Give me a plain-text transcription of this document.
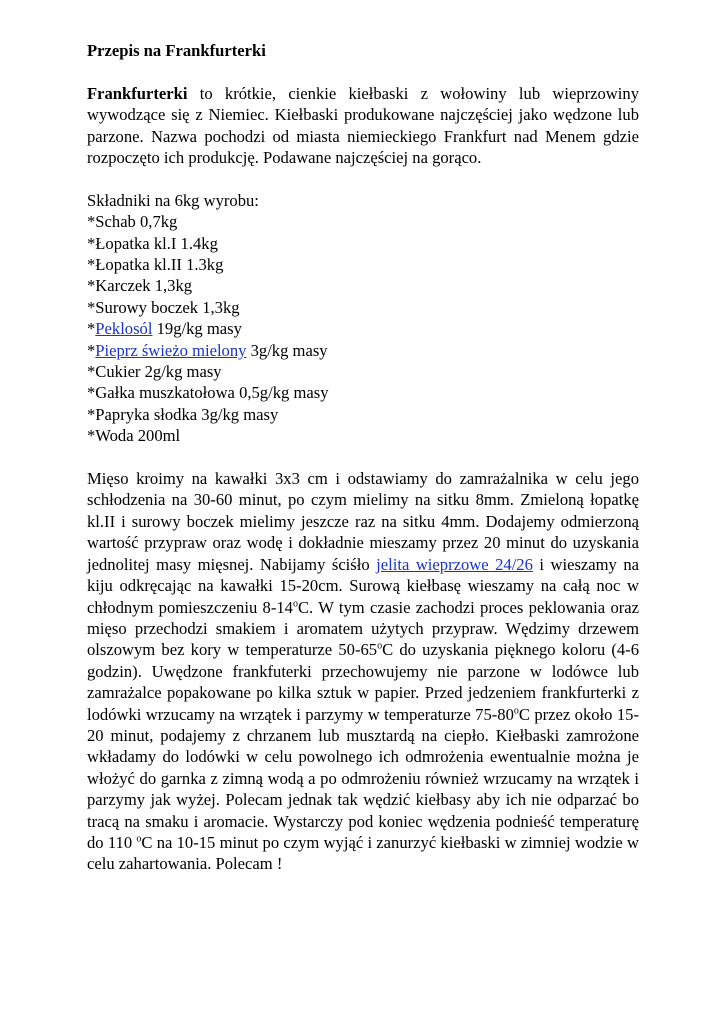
Przepis na Frankfurterki

Frankfurterki to krótkie, cienkie kiełbaski z wołowiny lub wieprzowiny wywodzące się z Niemiec. Kiełbaski produkowane najczęściej jako wędzone lub parzone. Nazwa pochodzi od miasta niemieckiego Frankfurt nad Menem gdzie rozpoczęto ich produkcję. Podawane najczęściej na gorąco.

Składniki na 6kg wyrobu:

*Schab 0,7kg
*Łopatka kl.I 1.4kg
*Łopatka kl.II 1.3kg
*Karczek 1,3kg
*Surowy boczek 1,3kg
*Peklosól 19g/kg masy
*Pieprz świeżo mielony 3g/kg masy
*Cukier 2g/kg masy
*Gałka muszkatołowa 0,5g/kg masy
*Papryka słodka 3g/kg masy
*Woda 200ml

Mięso kroimy na kawałki 3x3 cm i odstawiamy do zamrażalnika w celu jego schłodzenia na 30-60 minut, po czym mielimy na sitku 8mm. Zmieloną łopatkę kl.II i surowy boczek mielimy jeszcze raz na sitku 4mm. Dodajemy odmierzoną wartość przypraw oraz wodę i dokładnie mieszamy przez 20 minut do uzyskania jednolitej masy mięsnej. Nabijamy ściśło jelita wieprzowe 24/26 i wieszamy na kiju odkręcając na kawałki 15-20cm. Surową kiełbasę wieszamy na całą noc w chłodnym pomieszczeniu 8-14$^o$C. W tym czasie zachodzi proces peklowania oraz mięso przechodzi smakiem i aromatem użytych przypraw. Wędzimy drzewem olszowym bez kory w temperaturze 50-65$^o$C do uzyskania pięknego koloru (4-6 godzin). Uwędzone frankfuterki przechowujemy nie parzone w lodówce lub zamrażalce popakowane po kilka sztuk w papier. Przed jedzeniem frankfurterki z lodówki wrzucamy na wrzątek i parzymy w temperaturze 75-80$^o$C przez około 15-20 minut, podajemy z chrzanem lub musztardą na ciepło. Kiełbaski zamrożone wkładamy do lodówki w celu powolnego ich odmrożenia ewentualnie można je włożyć do garnka z zimną wodą a po odmrożeniu również wrzucamy na wrzątek i parzymy jak wyżej. Polecam jednak tak wędzić kiełbasy aby ich nie odparzać bo tracą na smaku i aromacie. Wystarczy pod koniec wędzenia podnieść temperaturę do 110 $^o$C na 10-15 minut po czym wyjąć i zanurzyć kiełbaski w zimniej wodzie w celu zahartowania. Polecam !
